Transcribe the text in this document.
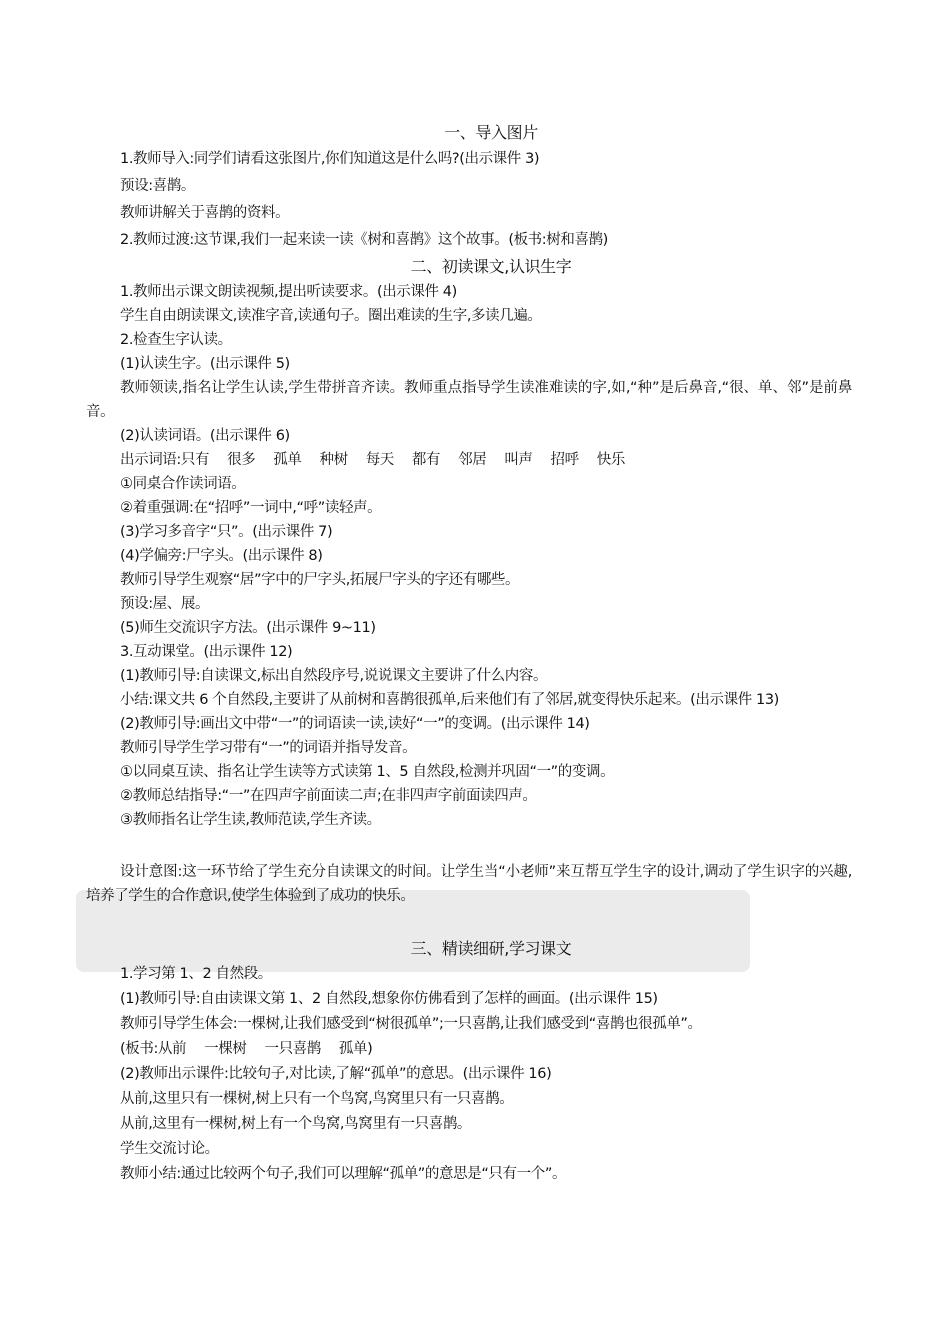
一、导入图片
1.教师导入:同学们请看这张图片,你们知道这是什么吗?(出示课件 3)
预设:喜鹊。
教师讲解关于喜鹊的资料。
2.教师过渡:这节课,我们一起来读一读《树和喜鹊》这个故事。(板书:树和喜鹊)
二、初读课文,认识生字
1.教师出示课文朗读视频,提出听读要求。(出示课件 4)
学生自由朗读课文,读准字音,读通句子。圈出难读的生字,多读几遍。
2.检查生字认读。
(1)认读生字。(出示课件 5)
教师领读,指名让学生认读,学生带拼音齐读。教师重点指导学生读准难读的字,如,“种”是后鼻音,“很、单、邻”是前鼻音。
(2)认读词语。(出示课件 6)
出示词语:只有 很多 孤单 种树 每天 都有 邻居 叫声 招呼 快乐
①同桌合作读词语。
②着重强调:在“招呼”一词中,“呼”读轻声。
(3)学习多音字“只”。(出示课件 7)
(4)学偏旁:尸字头。(出示课件 8)
教师引导学生观察“居”字中的尸字头,拓展尸字头的字还有哪些。
预设:屋、展。
(5)师生交流识字方法。(出示课件 9~11)
3.互动课堂。(出示课件 12)
(1)教师引导:自读课文,标出自然段序号,说说课文主要讲了什么内容。
小结:课文共 6 个自然段,主要讲了从前树和喜鹊很孤单,后来他们有了邻居,就变得快乐起来。(出示课件 13)
(2)教师引导:画出文中带“一”的词语读一读,读好“一”的变调。(出示课件 14)
教师引导学生学习带有“一”的词语并指导发音。
①以同桌互读、指名让学生读等方式读第 1、5 自然段,检测并巩固“一”的变调。
②教师总结指导:“一”在四声字前面读二声;在非四声字前面读四声。
③教师指名让学生读,教师范读,学生齐读。
设计意图:这一环节给了学生充分自读课文的时间。让学生当“小老师”来互帮互学生字的设计,调动了学生识字的兴趣,培养了学生的合作意识,使学生体验到了成功的快乐。
三、精读细研,学习课文
1.学习第 1、2 自然段。
(1)教师引导:自由读课文第 1、2 自然段,想象你仿佛看到了怎样的画面。(出示课件 15)
教师引导学生体会:一棵树,让我们感受到“树很孤单”;一只喜鹊,让我们感受到“喜鹊也很孤单”。
(板书:从前 一棵树 一只喜鹊 孤单)
(2)教师出示课件:比较句子,对比读,了解“孤单”的意思。(出示课件 16)
从前,这里只有一棵树,树上只有一个鸟窝,鸟窝里只有一只喜鹊。
从前,这里有一棵树,树上有一个鸟窝,鸟窝里有一只喜鹊。
学生交流讨论。
教师小结:通过比较两个句子,我们可以理解“孤单”的意思是“只有一个”。
